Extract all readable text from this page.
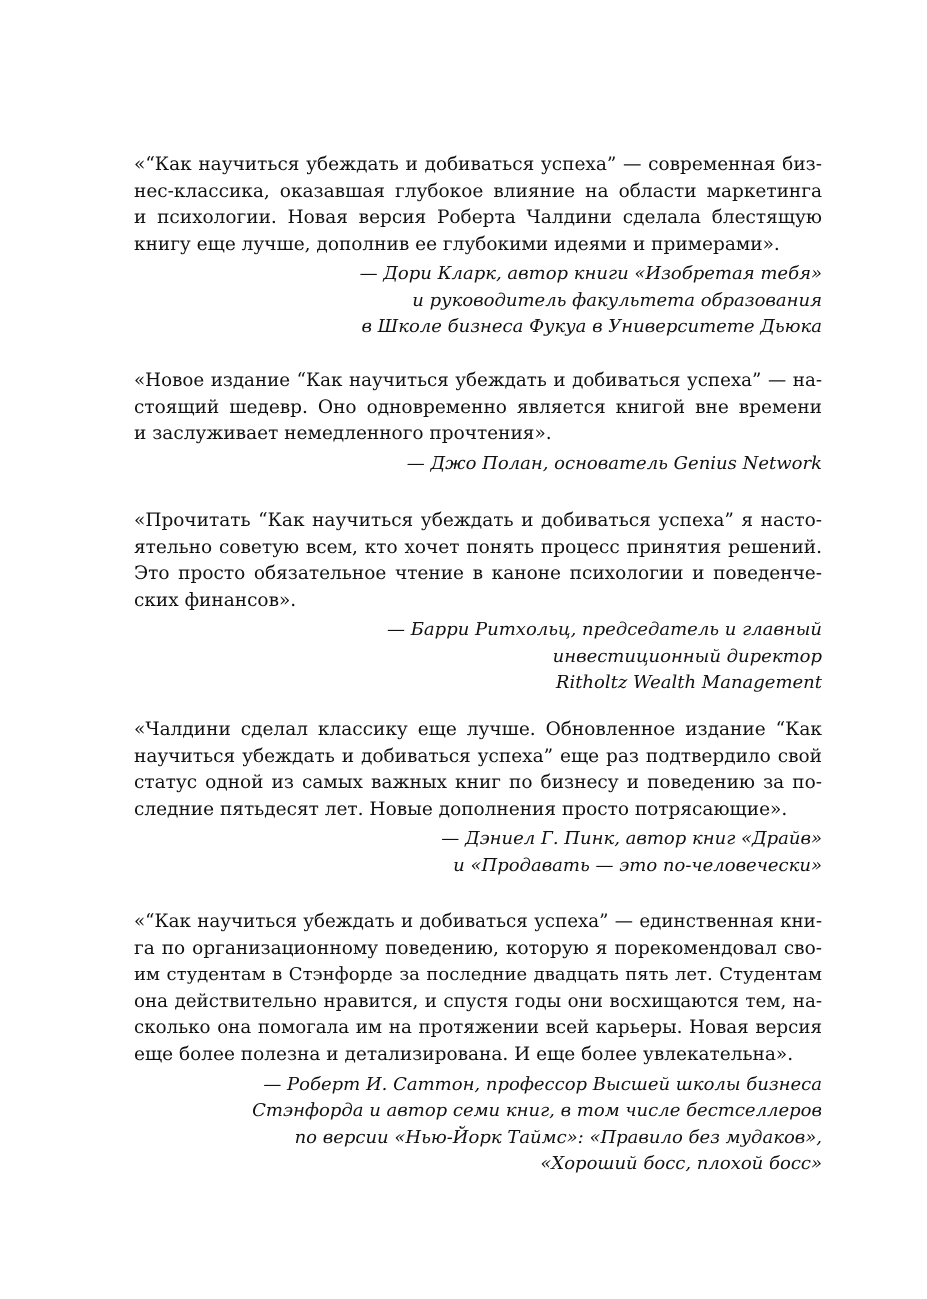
«“Как научиться убеждать и добиваться успеха” — современная биз-
нес-классика, оказавшая глубокое влияние на области маркетинга
и психологии. Новая версия Роберта Чалдини сделала блестящую
книгу еще лучше, дополнив ее глубокими идеями и примерами».
— Дори Кларк, автор книги «Изобретая тебя»
и руководитель факультета образования
в Школе бизнеса Фукуа в Университете Дьюка
«Новое издание “Как научиться убеждать и добиваться успеха” — на-
стоящий шедевр. Оно одновременно является книгой вне времени
и заслуживает немедленного прочтения».
— Джо Полан, основатель Genius Network
«Прочитать “Как научиться убеждать и добиваться успеха” я насто-
ятельно советую всем, кто хочет понять процесс принятия решений.
Это просто обязательное чтение в каноне психологии и поведенче-
ских финансов».
— Барри Ритхольц, председатель и главный
инвестиционный директор
Ritholtz Wealth Management
«Чалдини сделал классику еще лучше. Обновленное издание “Как
научиться убеждать и добиваться успеха” еще раз подтвердило свой
статус одной из самых важных книг по бизнесу и поведению за по-
следние пятьдесят лет. Новые дополнения просто потрясающие».
— Дэниел Г. Пинк, автор книг «Драйв»
и «Продавать — это по-человечески»
«“Как научиться убеждать и добиваться успеха” — единственная кни-
га по организационному поведению, которую я порекомендовал сво-
им студентам в Стэнфорде за последние двадцать пять лет. Студентам
она действительно нравится, и спустя годы они восхищаются тем, на-
сколько она помогала им на протяжении всей карьеры. Новая версия
еще более полезна и детализирована. И еще более увлекательна».
— Роберт И. Саттон, профессор Высшей школы бизнеса
Стэнфорда и автор семи книг, в том числе бестселлеров
по версии «Нью-Йорк Таймс»: «Правило без мудаков»,
«Хороший босс, плохой босс»
